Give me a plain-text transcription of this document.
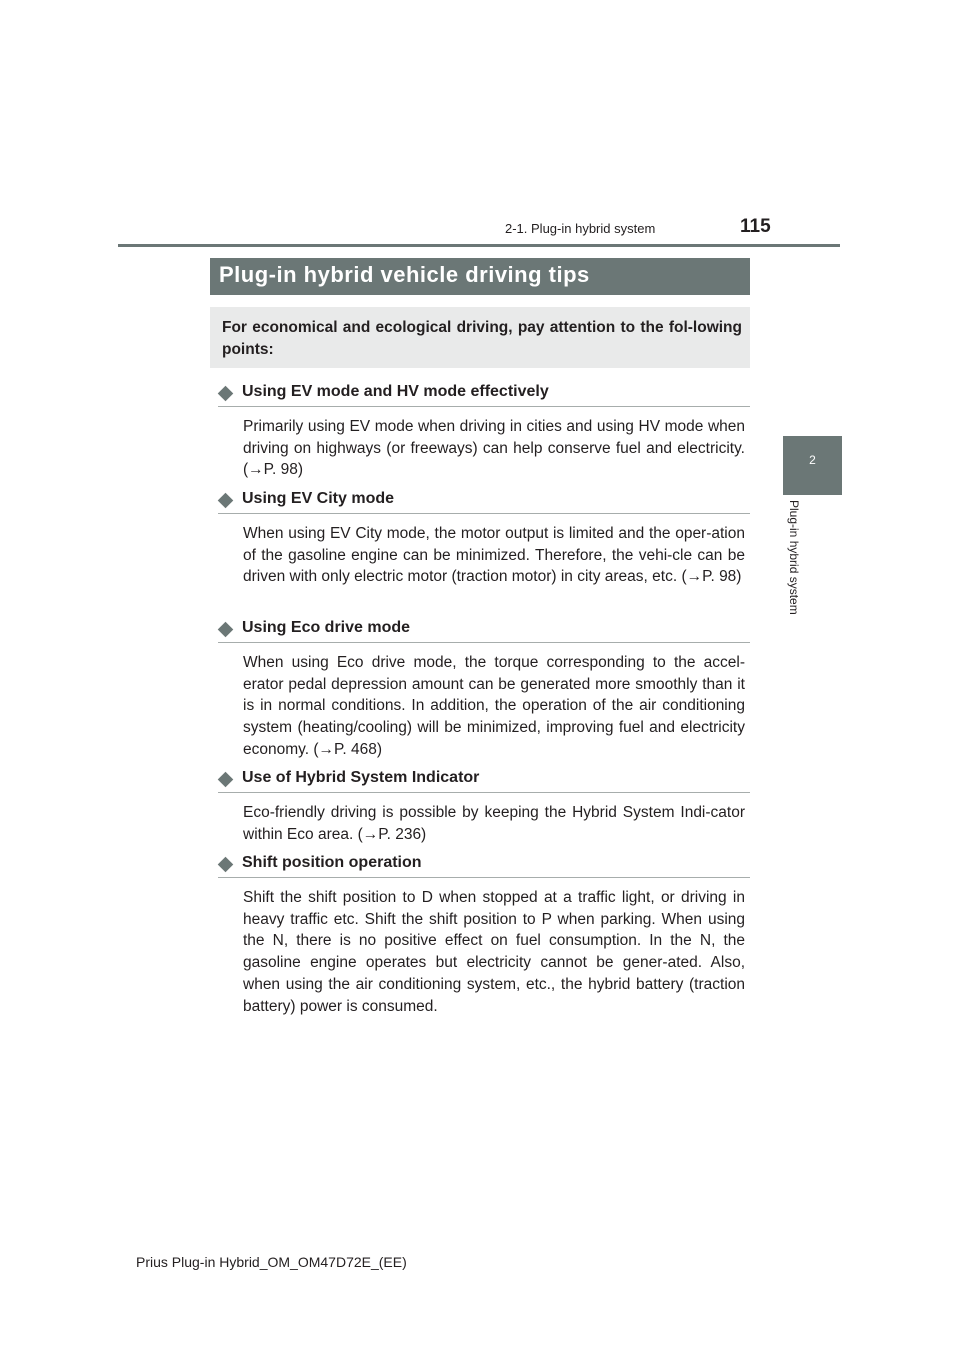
2-1. Plug-in hybrid system	115
2
Plug-in hybrid system
Plug-in hybrid vehicle driving tips

For economical and ecological driving, pay attention to the fol-lowing points:

Using EV mode and HV mode effectively

Primarily using EV mode when driving in cities and using HV mode when driving on highways (or freeways) can help conserve fuel and electricity. (→P. 98)

Using EV City mode

When using EV City mode, the motor output is limited and the oper-ation of the gasoline engine can be minimized. Therefore, the vehi-cle can be driven with only electric motor (traction motor) in city areas, etc. (→P. 98)

Using Eco drive mode

When using Eco drive mode, the torque corresponding to the accel-erator pedal depression amount can be generated more smoothly than it is in normal conditions. In addition, the operation of the air conditioning system (heating/cooling) will be minimized, improving fuel and electricity economy. (→P. 468)

Use of Hybrid System Indicator

Eco-friendly driving is possible by keeping the Hybrid System Indi-cator within Eco area. (→P. 236)

Shift position operation

Shift the shift position to D when stopped at a traffic light, or driving in heavy traffic etc. Shift the shift position to P when parking. When using the N, there is no positive effect on fuel consumption. In the N, the gasoline engine operates but electricity cannot be gener-ated. Also, when using the air conditioning system, etc., the hybrid battery (traction battery) power is consumed.

Prius Plug-in Hybrid_OM_OM47D72E_(EE)
